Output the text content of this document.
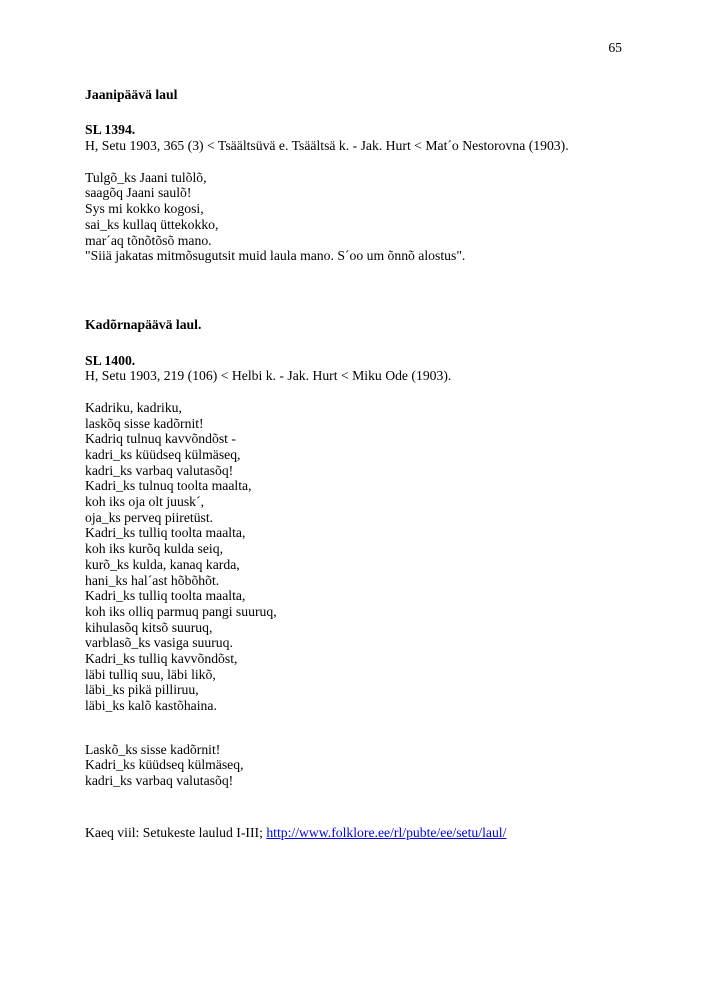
65
Jaanipäävä laul
SL 1394.
H, Setu 1903, 365 (3) < Tsäältsüvä e. Tsäältsä k. - Jak. Hurt < Mat´o Nestorovna (1903).
Tulgõ_ks Jaani tulõlõ,
saagõq Jaani saulõ!
Sys mi kokko kogosi,
sai_ks kullaq üttekokko,
mar´aq tõnõtõsõ mano.
"Siiä jakatas mitmõsugutsit muid laula mano. S´oo um õnnõ alostus".
Kadõrnapäävä laul.
SL 1400.
H, Setu 1903, 219 (106) < Helbi k. - Jak. Hurt < Miku Ode (1903).
Kadriku, kadriku,
laskõq sisse kadõrnit!
Kadriq tulnuq kavvõndõst -
kadri_ks küüdseq külmäseq,
kadri_ks varbaq valutasõq!
Kadri_ks tulnuq toolta maalta,
koh iks oja olt juusk´,
oja_ks perveq piiretüst.
Kadri_ks tulliq toolta maalta,
koh iks kurõq kulda seiq,
kurõ_ks kulda, kanaq karda,
hani_ks hal´ast hõbõhõt.
Kadri_ks tulliq toolta maalta,
koh iks olliq parmuq pangi suuruq,
kihulasõq kitsõ suuruq,
varblasõ_ks vasiga suuruq.
Kadri_ks tulliq kavvõndõst,
läbi tulliq suu, läbi likõ,
läbi_ks pikä pilliruu,
läbi_ks kalõ kastõhaina.
Laskõ_ks sisse kadõrnit!
Kadri_ks küüdseq külmäseq,
kadri_ks varbaq valutasõq!
Kaeq viil: Setukeste laulud I-III; http://www.folklore.ee/rl/pubte/ee/setu/laul/
